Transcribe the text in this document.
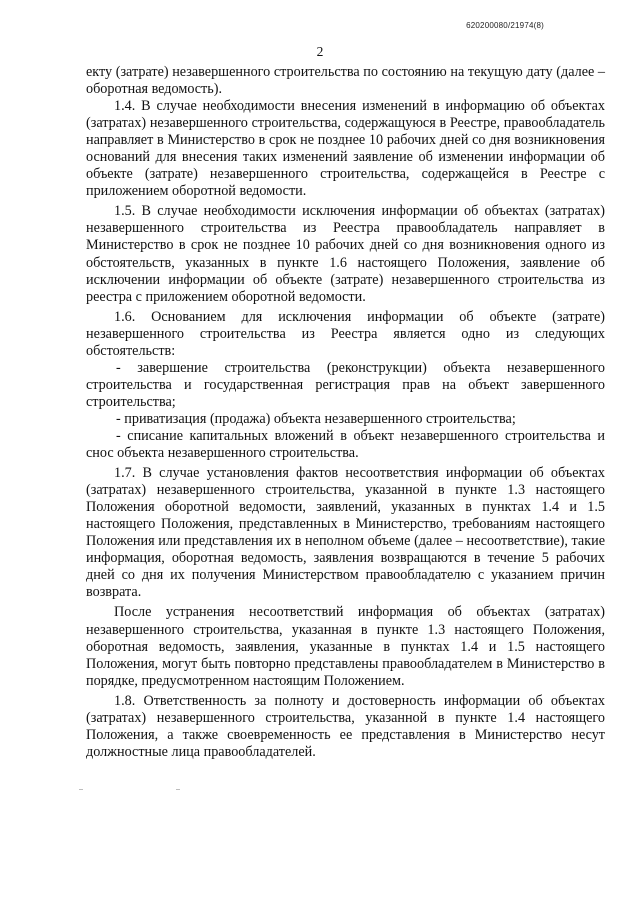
620200080/21974(8)
2

екту (затрате) незавершенного строительства по состоянию на текущую дату (далее – оборотная ведомость).

1.4. В случае необходимости внесения изменений в информацию об объектах (затратах) незавершенного строительства, содержащуюся в Реестре, правообладатель направляет в Министерство в срок не позднее 10 рабочих дней со дня возникновения оснований для внесения таких изменений заявление об изменении информации об объекте (затрате) незавершенного строительства, содержащейся в Реестре с приложением оборотной ведомости.

1.5. В случае необходимости исключения информации об объектах (затратах) незавершенного строительства из Реестра правообладатель направляет в Министерство в срок не позднее 10 рабочих дней со дня возникновения одного из обстоятельств, указанных в пункте 1.6 настоящего Положения, заявление об исключении информации об объекте (затрате) незавершенного строительства из реестра с приложением оборотной ведомости.

1.6. Основанием для исключения информации об объекте (затрате) незавершенного строительства из Реестра является одно из следующих обстоятельств:

- завершение строительства (реконструкции) объекта незавершенного строительства и государственная регистрация прав на объект завершенного строительства;

- приватизация (продажа) объекта незавершенного строительства;

- списание капитальных вложений в объект незавершенного строительства и снос объекта незавершенного строительства.

1.7. В случае установления фактов несоответствия информации об объектах (затратах) незавершенного строительства, указанной в пункте 1.3 настоящего Положения оборотной ведомости, заявлений, указанных в пунктах 1.4 и 1.5 настоящего Положения, представленных в Министерство, требованиям настоящего Положения или представления их в неполном объеме (далее – несоответствие), такие информация, оборотная ведомость, заявления возвращаются в течение 5 рабочих дней со дня их получения Министерством правообладателю с указанием причин возврата.

После устранения несоответствий информация об объектах (затратах) незавершенного строительства, указанная в пункте 1.3 настоящего Положения, оборотная ведомость, заявления, указанные в пунктах 1.4 и 1.5 настоящего Положения, могут быть повторно представлены правообладателем в Министерство в порядке, предусмотренном настоящим Положением.

1.8. Ответственность за полноту и достоверность информации об объектах (затратах) незавершенного строительства, указанной в пункте 1.4 настоящего Положения, а также своевременность ее представления в Министерство несут должностные лица правообладателей.
